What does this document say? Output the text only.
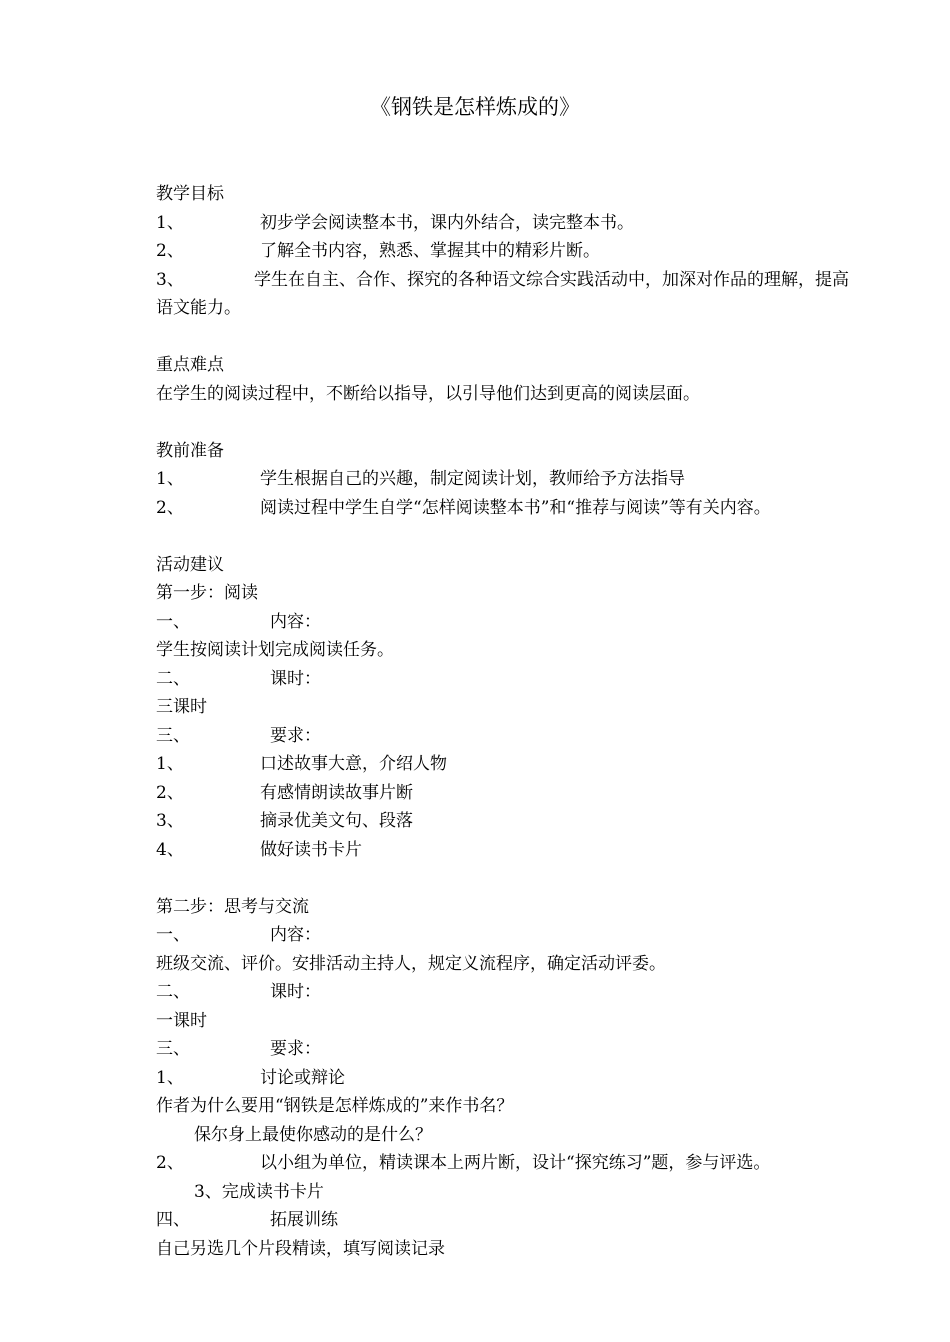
《钢铁是怎样炼成的》
教学目标
1、	初步学会阅读整本书，课内外结合，读完整本书。
2、	了解全书内容，熟悉、掌握其中的精彩片断。
3、	学生在自主、合作、探究的各种语文综合实践活动中，加深对作品的理解，提高
语文能力。
重点难点
在学生的阅读过程中，不断给以指导，以引导他们达到更高的阅读层面。
教前准备
1、	学生根据自己的兴趣，制定阅读计划，教师给予方法指导
2、	阅读过程中学生自学“怎样阅读整本书”和“推荐与阅读”等有关内容。
活动建议
第一步：阅读
一、	内容：
学生按阅读计划完成阅读任务。
二、	课时：
三课时
三、	要求：
1、	口述故事大意，介绍人物
2、	有感情朗读故事片断
3、	摘录优美文句、段落
4、	做好读书卡片
第二步：思考与交流
一、	内容：
班级交流、评价。安排活动主持人，规定义流程序，确定活动评委。
二、	课时：
一课时
三、	要求：
1、	讨论或辩论
作者为什么要用“钢铁是怎样炼成的”来作书名？
保尔身上最使你感动的是什么？
2、	以小组为单位，精读课本上两片断，设计“探究练习”题，参与评选。
3、完成读书卡片
四、	拓展训练
自己另选几个片段精读，填写阅读记录
